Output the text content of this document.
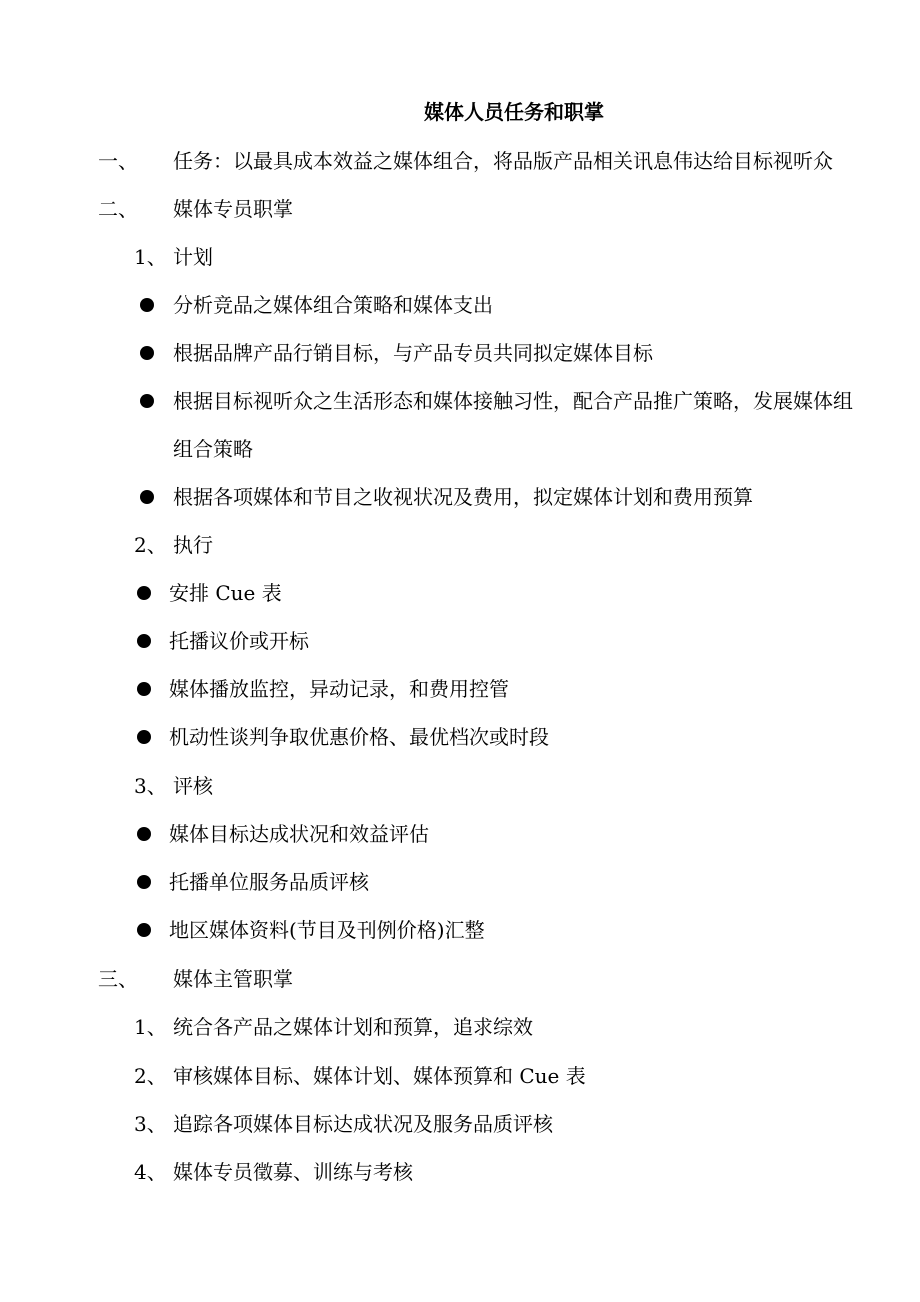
媒体人员任务和职掌
一、 任务：以最具成本效益之媒体组合，将品版产品相关讯息伟达给目标视听众
二、 媒体专员职掌
1、 计划
分析竞品之媒体组合策略和媒体支出
根据品牌产品行销目标，与产品专员共同拟定媒体目标
根据目标视听众之生活形态和媒体接触习性，配合产品推广策略，发展媒体组
组合策略
根据各项媒体和节目之收视状况及费用，拟定媒体计划和费用预算
2、 执行
安排 Cue 表
托播议价或开标
媒体播放监控，异动记录，和费用控管
机动性谈判争取优惠价格、最优档次或时段
3、 评核
媒体目标达成状况和效益评估
托播单位服务品质评核
地区媒体资料(节目及刊例价格)汇整
三、 媒体主管职掌
1、 统合各产品之媒体计划和预算，追求综效
2、 审核媒体目标、媒体计划、媒体预算和 Cue 表
3、 追踪各项媒体目标达成状况及服务品质评核
4、 媒体专员徵募、训练与考核
